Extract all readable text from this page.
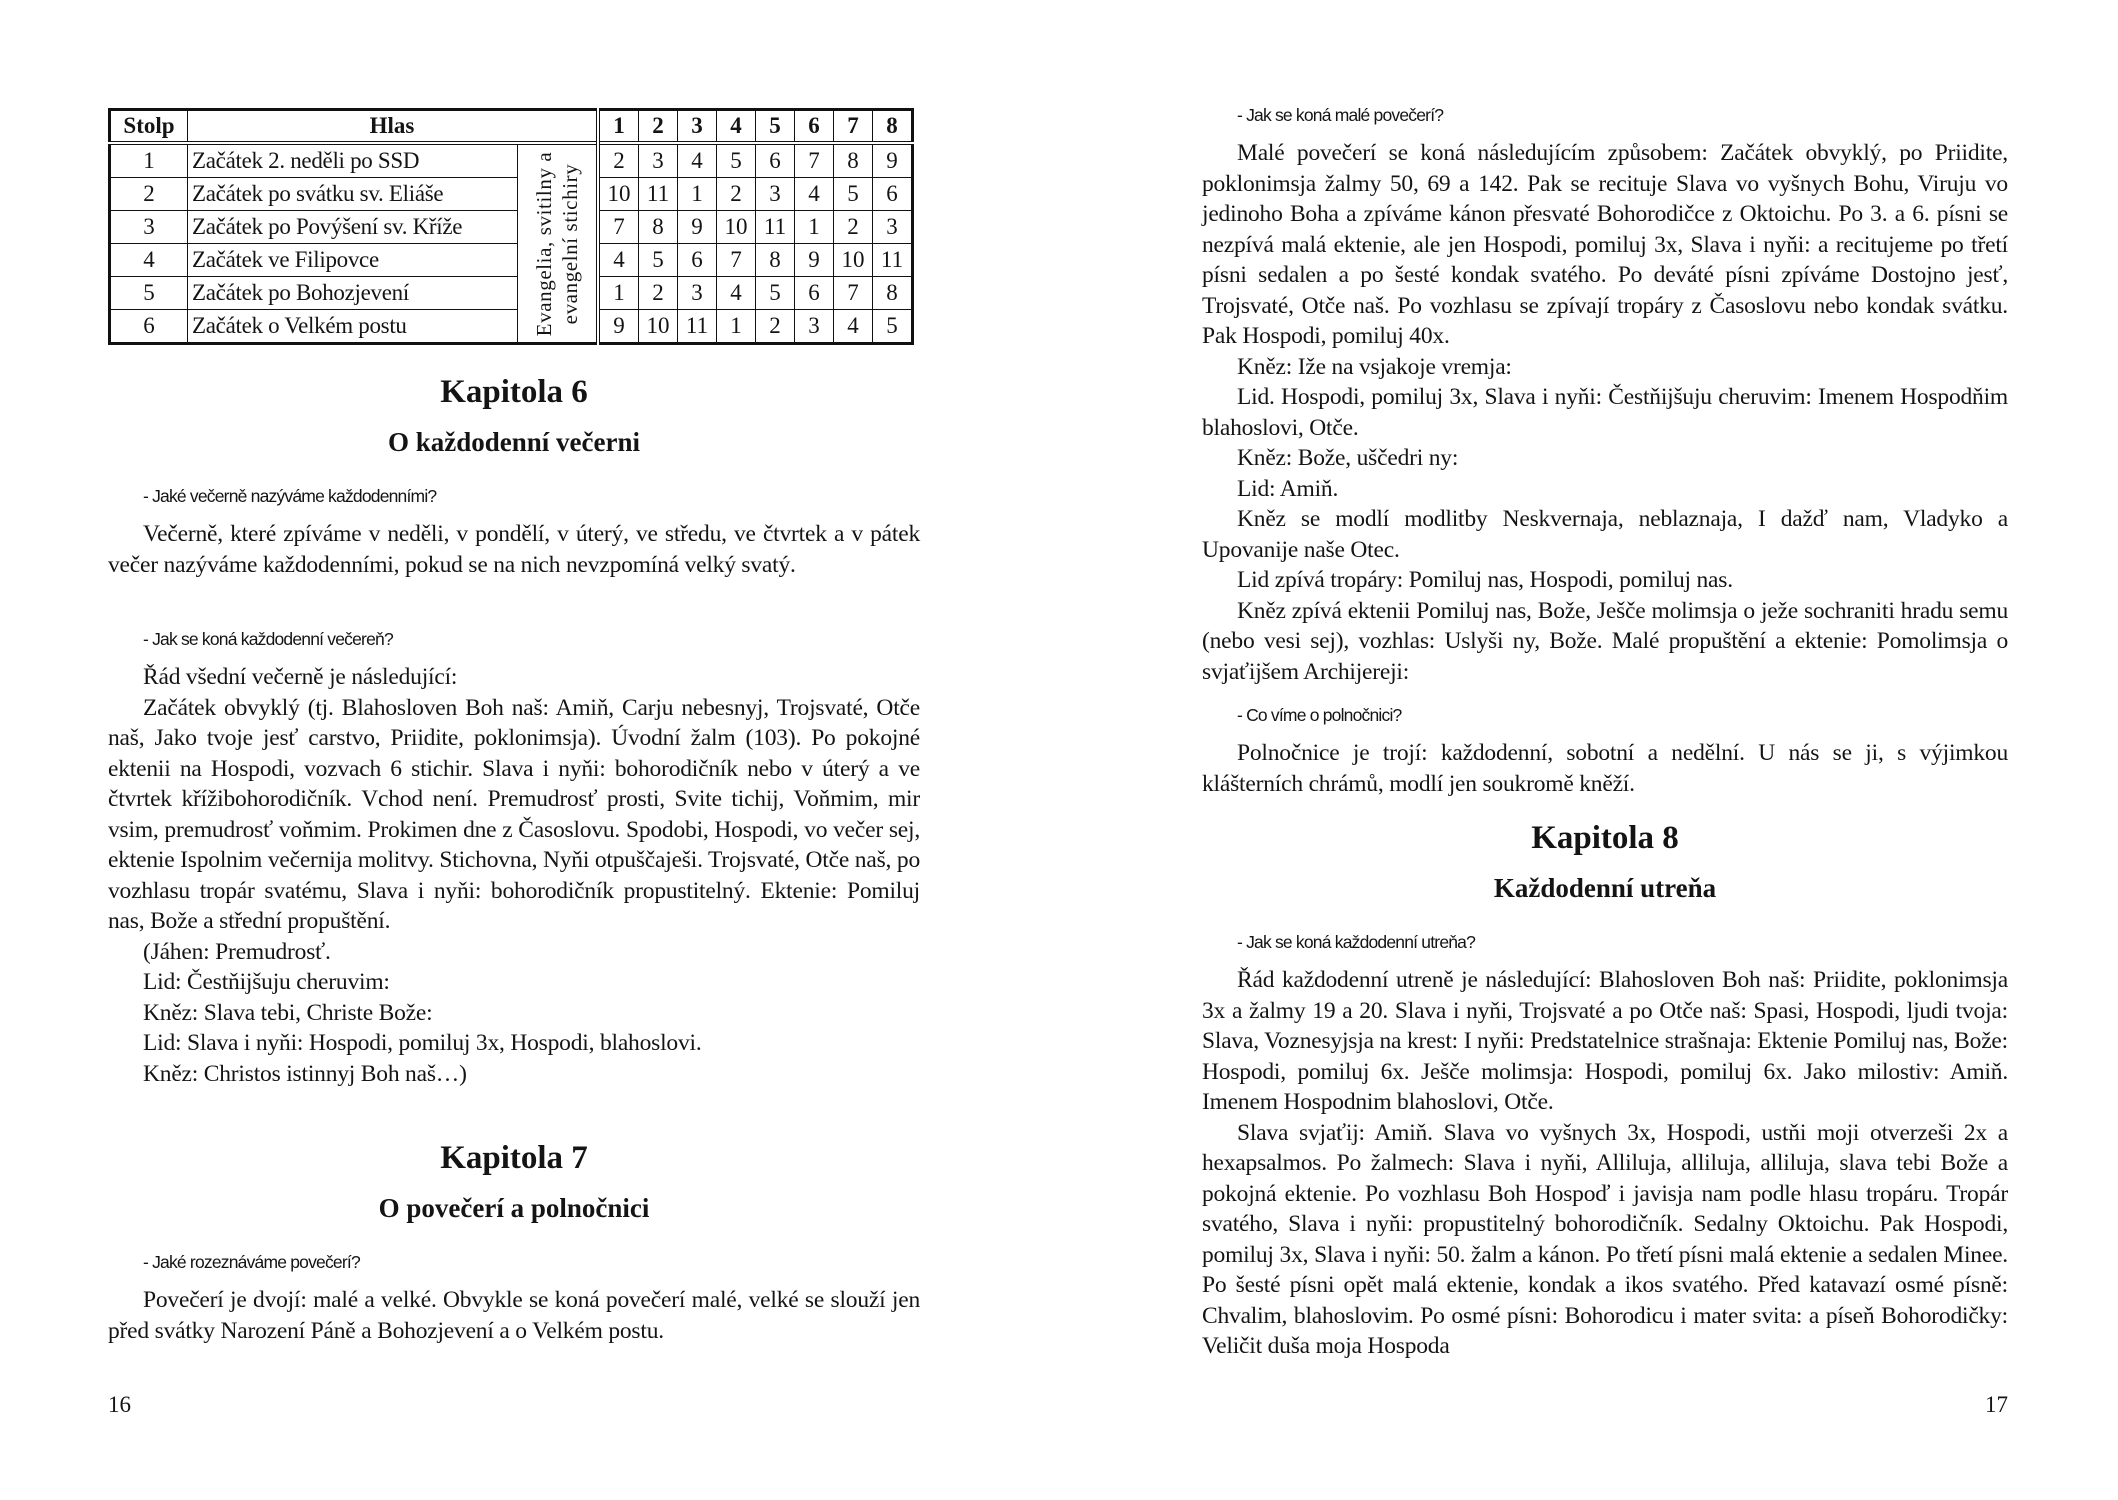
Stolp	Hlas		1	2	3	4	5	6	7	8
1	Začátek 2. neděli po SSD	Evangelia, svitilny a evangelní stichiry	2	3	4	5	6	7	8	9
2	Začátek po svátku sv. Eliáše		10	11	1	2	3	4	5	6
3	Začátek po Povýšení sv. Kříže		7	8	9	10	11	1	2	3
4	Začátek ve Filipovce		4	5	6	7	8	9	10	11
5	Začátek po Bohozjevení		1	2	3	4	5	6	7	8
6	Začátek o Velkém postu		9	10	11	1	2	3	4	5
Kapitola 6
O každodenní večerni

- Jaké večerně nazýváme každodenními?

Večerně, které zpíváme v neděli, v pondělí, v úterý, ve středu, ve čtvrtek a v pátek večer nazýváme každodenními, pokud se na nich nevzpomíná velký svatý.

- Jak se koná každodenní večereň?

Řád všední večerně je následující:

Začátek obvyklý (tj. Blahosloven Boh naš: Amiň, Carju nebesnyj, Trojsvaté, Otče naš, Jako tvoje jesť carstvo, Priidite, poklonimsja). Úvodní žalm (103). Po pokojné ektenii na Hospodi, vozvach 6 stichir. Slava i nyňi: bohorodičník nebo v úterý a ve čtvrtek křížibohorodičník. Vchod není. Premudrosť prosti, Svite tichij, Voňmim, mir vsim, premudrosť voňmim. Prokimen dne z Časoslovu. Spodobi, Hospodi, vo večer sej, ektenie Ispolnim večernija molitvy. Stichovna, Nyňi otpuščaješi. Trojsvaté, Otče naš, po vozhlasu tropár svatému, Slava i nyňi: bohorodičník propustitelný. Ektenie: Pomiluj nas, Bože a střední propuštění.

(Jáhen: Premudrosť.

Lid: Čestňijšuju cheruvim:

Kněz: Slava tebi, Christe Bože:

Lid: Slava i nyňi: Hospodi, pomiluj 3x, Hospodi, blahoslovi.

Kněz: Christos istinnyj Boh naš…)

Kapitola 7
O povečerí a polnočnici

- Jaké rozeznáváme povečerí?

Povečerí je dvojí: malé a velké. Obvykle se koná povečerí malé, velké se slouží jen před svátky Narození Páně a Bohozjevení a o Velkém postu.

16

- Jak se koná malé povečerí?

Malé povečerí se koná následujícím způsobem: Začátek obvyklý, po Priidite, poklonimsja žalmy 50, 69 a 142. Pak se recituje Slava vo vyšnych Bohu, Viruju vo jedinoho Boha a zpíváme kánon přesvaté Bohorodičce z Oktoichu. Po 3. a 6. písni se nezpívá malá ektenie, ale jen Hospodi, pomiluj 3x, Slava i nyňi: a recitujeme po třetí písni sedalen a po šesté kondak svatého. Po deváté písni zpíváme Dostojno jesť, Trojsvaté, Otče naš. Po vozhlasu se zpívají tropáry z Časoslovu nebo kondak svátku. Pak Hospodi, pomiluj 40x.

Kněz: Iže na vsjakoje vremja:

Lid. Hospodi, pomiluj 3x, Slava i nyňi: Čestňijšuju cheruvim: Imenem Hospodňim blahoslovi, Otče.

Kněz: Bože, uščedri ny:

Lid: Amiň.

Kněz se modlí modlitby Neskvernaja, neblaznaja, I dažď nam, Vladyko a Upovanije naše Otec.

Lid zpívá tropáry: Pomiluj nas, Hospodi, pomiluj nas.

Kněz zpívá ektenii Pomiluj nas, Bože, Ješče molimsja o ježe sochraniti hradu semu (nebo vesi sej), vozhlas: Uslyši ny, Bože. Malé propuštění a ektenie: Pomolimsja o svjaťijšem Archijereji:

- Co víme o polnočnici?

Polnočnice je trojí: každodenní, sobotní a nedělní. U nás se ji, s výjimkou klášterních chrámů, modlí jen soukromě kněží.

Kapitola 8
Každodenní utreňa

- Jak se koná každodenní utreňa?

Řád každodenní utreně je následující: Blahosloven Boh naš: Priidite, poklonimsja 3x a žalmy 19 a 20. Slava i nyňi, Trojsvaté a po Otče naš: Spasi, Hospodi, ljudi tvoja: Slava, Voznesyjsja na krest: I nyňi: Predstatelnice strašnaja: Ektenie Pomiluj nas, Bože: Hospodi, pomiluj 6x. Ješče molimsja: Hospodi, pomiluj 6x. Jako milostiv: Amiň. Imenem Hospodnim blahoslovi, Otče.

Slava svjaťij: Amiň. Slava vo vyšnych 3x, Hospodi, ustňi moji otverzeši 2x a hexapsalmos. Po žalmech: Slava i nyňi, Alliluja, alliluja, alliluja, slava tebi Bože a pokojná ektenie. Po vozhlasu Boh Hospoď i javisja nam podle hlasu tropáru. Tropár svatého, Slava i nyňi: propustitelný bohorodičník. Sedalny Oktoichu. Pak Hospodi, pomiluj 3x, Slava i nyňi: 50. žalm a kánon. Po třetí písni malá ektenie a sedalen Minee. Po šesté písni opět malá ektenie, kondak a ikos svatého. Před katavazí osmé písně: Chvalim, blahoslovim. Po osmé písni: Bohorodicu i mater svita: a píseň Bohorodičky: Veličit duša moja Hospoda

17
